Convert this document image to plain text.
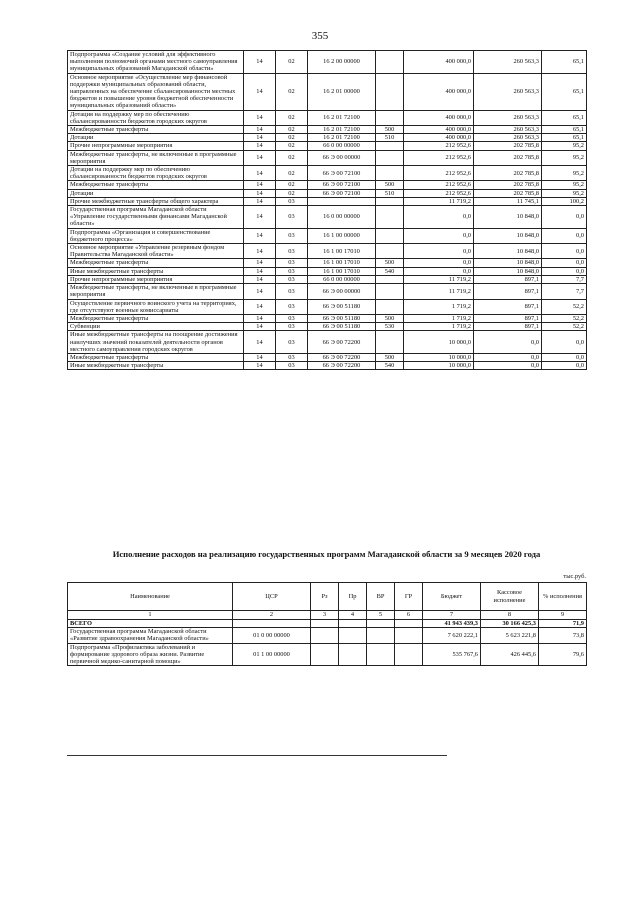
355
Подпрограмма «Создание условий для эффективного выполнения полномочий органами местного самоуправления муниципальных образований Магаданской области»	14	02	16 2 00 00000		400 000,0	260 563,3	65,1
Основное мероприятие «Осуществление мер финансовой поддержки муниципальных образований области, направленных на обеспечение сбалансированности местных бюджетов и повышение уровня бюджетной обеспеченности муниципальных образований области»	14	02	16 2 01 00000		400 000,0	260 563,3	65,1
Дотация на поддержку мер по обеспечению сбалансированности бюджетов городских округов	14	02	16 2 01 72100		400 000,0	260 563,3	65,1
Межбюджетные трансферты	14	02	16 2 01 72100	500	400 000,0	260 563,3	65,1
Дотации	14	02	16 2 01 72100	510	400 000,0	260 563,3	65,1
Прочие непрограммные мероприятия	14	02	66 0 00 00000		212 952,6	202 785,8	95,2
Межбюджетные трансферты, не включенные в программные мероприятия	14	02	66 Э 00 00000		212 952,6	202 785,8	95,2
Дотации на поддержку мер по обеспечению сбалансированности бюджетов городских округов	14	02	66 Э 00 72100		212 952,6	202 785,8	95,2
Межбюджетные трансферты	14	02	66 Э 00 72100	500	212 952,6	202 785,8	95,2
Дотации	14	02	66 Э 00 72100	510	212 952,6	202 785,8	95,2
Прочие межбюджетные трансферты общего характера	14	03			11 719,2	11 745,1	100,2
Государственная программа Магаданской области «Управление государственными финансами Магаданской области»	14	03	16 0 00 00000		0,0	10 848,0	0,0
Подпрограмма «Организация и совершенствование бюджетного процесса»	14	03	16 1 00 00000		0,0	10 848,0	0,0
Основное мероприятие «Управление резервным фондом Правительства Магаданской области»	14	03	16 1 00 17010		0,0	10 848,0	0,0
Межбюджетные трансферты	14	03	16 1 00 17010	500	0,0	10 848,0	0,0
Иные межбюджетные трансферты	14	03	16 1 00 17010	540	0,0	10 848,0	0,0
Прочие непрограммные мероприятия	14	03	66 0 00 00000		11 719,2	897,1	7,7
Межбюджетные трансферты, не включенные в программные мероприятия	14	03	66 Э 00 00000		11 719,2	897,1	7,7
Осуществление первичного воинского учета на территориях, где отсутствуют военные комиссариаты	14	03	66 Э 00 51180		1 719,2	897,1	52,2
Межбюджетные трансферты	14	03	66 Э 00 51180	500	1 719,2	897,1	52,2
Субвенции	14	03	66 Э 00 51180	530	1 719,2	897,1	52,2
Иные межбюджетные трансферты на поощрение достижения наилучших значений показателей деятельности органов местного самоуправления городских округов	14	03	66 Э 00 72200		10 000,0	0,0	0,0
Межбюджетные трансферты	14	03	66 Э 00 72200	500	10 000,0	0,0	0,0
Иные межбюджетные трансферты	14	03	66 Э 00 72200	540	10 000,0	0,0	0,0
Исполнение расходов на реализацию государственных программ Магаданской области за 9 месяцев 2020 года
тыс.руб.
Наименование	ЦСР	Рз	Пр	ВР	ГР	Бюджет	Кассовое исполнение	% исполнения
1	2	3	4	5	6	7	8	9
ВСЕГО						41 943 439,3	30 166 425,3	71,9
Государственная программа Магаданской области «Развитие здравоохранения Магаданской области»	01 0 00 00000					7 620 222,1	5 623 221,8	73,8
Подпрограмма «Профилактика заболеваний и формирование здорового образа жизни. Развитие первичной медико-санитарной помощи»	01 1 00 00000					535 767,6	426 445,6	79,6
